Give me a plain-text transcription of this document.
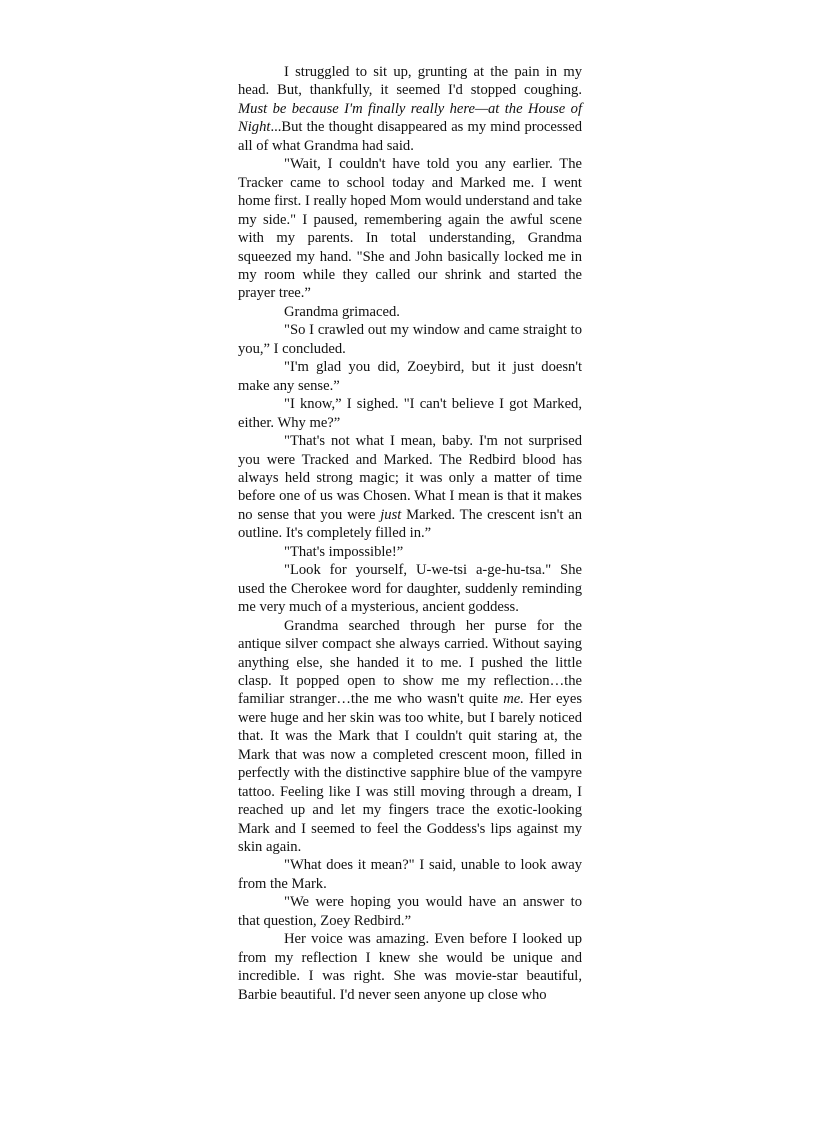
I struggled to sit up, grunting at the pain in my head. But, thankfully, it seemed I'd stopped coughing. Must be because I'm finally really here—at the House of Night...But the thought disappeared as my mind processed all of what Grandma had said.

"Wait, I couldn't have told you any earlier. The Tracker came to school today and Marked me. I went home first. I really hoped Mom would understand and take my side." I paused, remembering again the awful scene with my parents. In total understanding, Grandma squeezed my hand. "She and John basically locked me in my room while they called our shrink and started the prayer tree.”

Grandma grimaced.

"So I crawled out my window and came straight to you,” I concluded.

"I'm glad you did, Zoeybird, but it just doesn't make any sense.”

"I know,” I sighed. "I can't believe I got Marked, either. Why me?”

"That's not what I mean, baby. I'm not surprised you were Tracked and Marked. The Redbird blood has always held strong magic; it was only a matter of time before one of us was Chosen. What I mean is that it makes no sense that you were just Marked. The crescent isn't an outline. It's completely filled in.”

"That's impossible!”

"Look for yourself, U-we-tsi a-ge-hu-tsa." She used the Cherokee word for daughter, suddenly reminding me very much of a mysterious, ancient goddess.

Grandma searched through her purse for the antique silver compact she always carried. Without saying anything else, she handed it to me. I pushed the little clasp. It popped open to show me my reflection…the familiar stranger…the me who wasn't quite me. Her eyes were huge and her skin was too white, but I barely noticed that. It was the Mark that I couldn't quit staring at, the Mark that was now a completed crescent moon, filled in perfectly with the distinctive sapphire blue of the vampyre tattoo. Feeling like I was still moving through a dream, I reached up and let my fingers trace the exotic-looking Mark and I seemed to feel the Goddess's lips against my skin again.

"What does it mean?" I said, unable to look away from the Mark.

"We were hoping you would have an answer to that question, Zoey Redbird.”

Her voice was amazing. Even before I looked up from my reflection I knew she would be unique and incredible. I was right. She was movie-star beautiful, Barbie beautiful. I'd never seen anyone up close who
